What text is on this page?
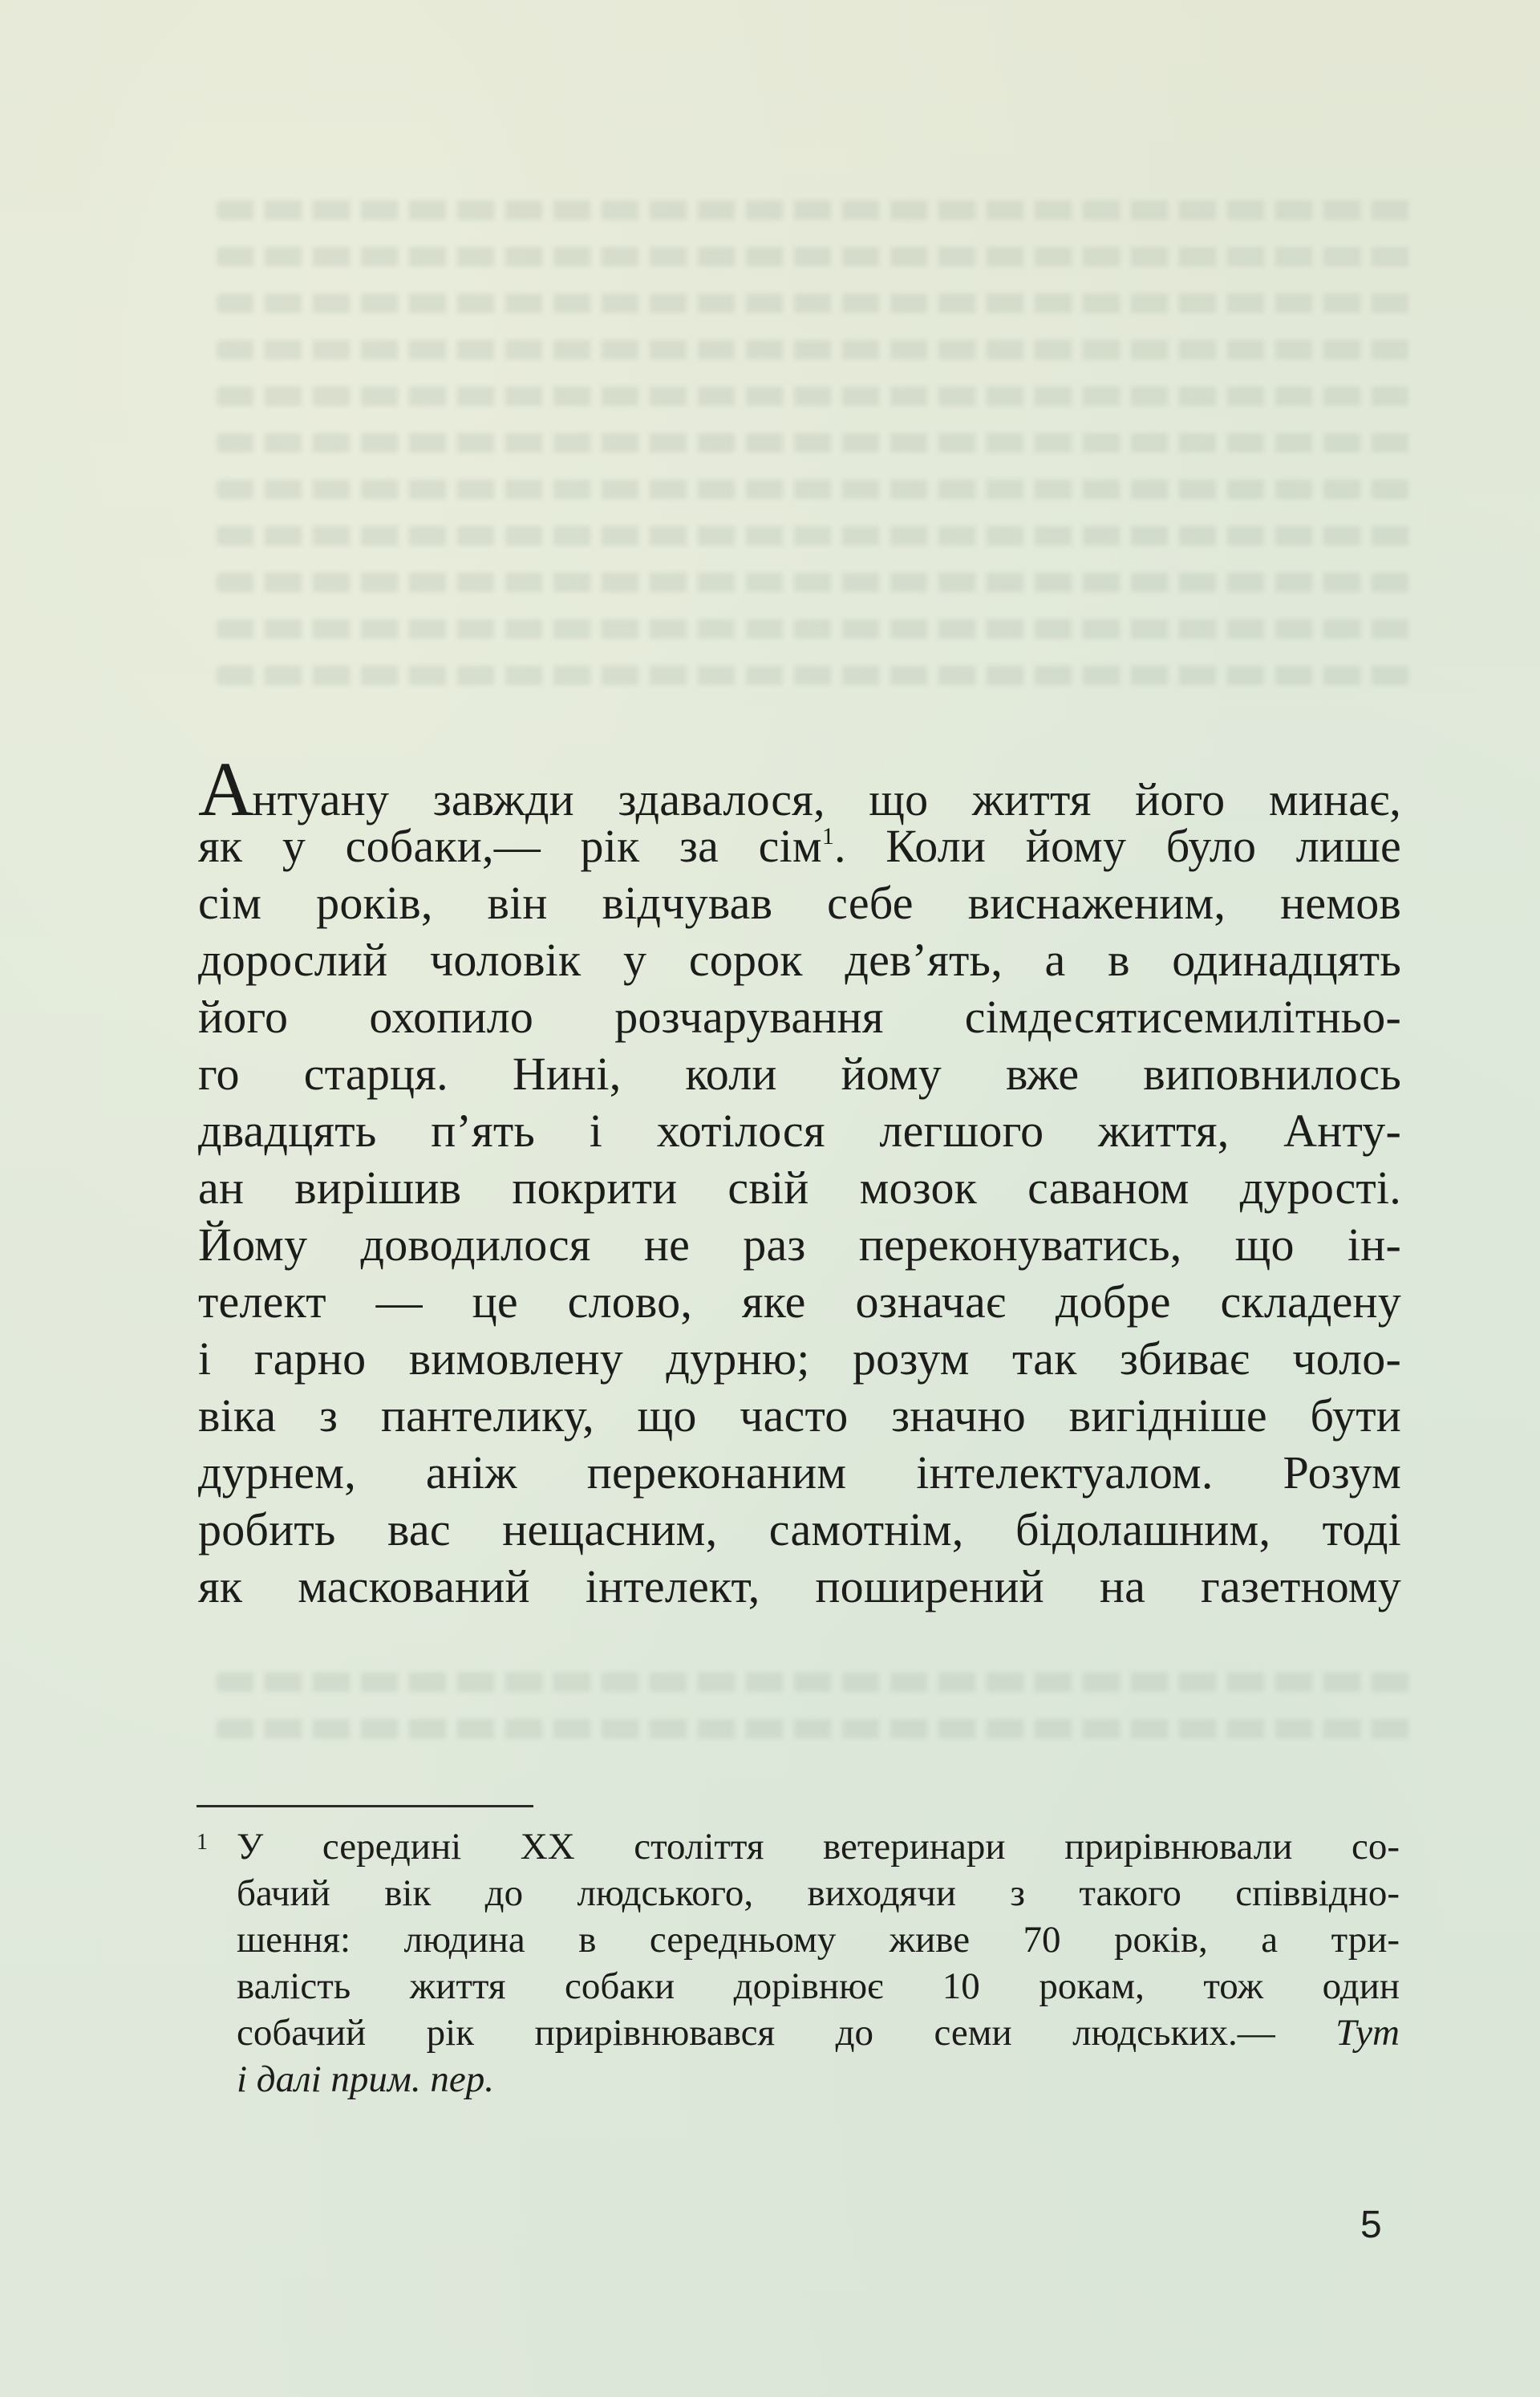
Антуану завжди здавалося, що життя його минає,
як у собаки,— рік за сім$^1$. Коли йому було лише
сім років, він відчував себе виснаженим, немов
дорослий чоловік у сорок дев’ять, а в одинадцять
його охопило розчарування сімдесятисемилітньо-
го старця. Нині, коли йому вже виповнилось
двадцять п’ять і хотілося легшого життя, Анту-
ан вирішив покрити свій мозок саваном дурості.
Йому доводилося не раз переконуватись, що ін-
телект — це слово, яке означає добре складену
і гарно вимовлену дурню; розум так збиває чоло-
віка з пантелику, що часто значно вигідніше бути
дурнем, аніж переконаним інтелектуалом. Розум
робить вас нещасним, самотнім, бідолашним, тоді
як маскований інтелект, поширений на газетному
1 У середині XX століття ветеринари прирівнювали со-
бачий вік до людського, виходячи з такого співвідно-
шення: людина в середньому живе 70 років, а три-
валість життя собаки дорівнює 10 рокам, тож один
собачий рік прирівнювався до семи людських.— Тут
і далі прим. пер.
5
